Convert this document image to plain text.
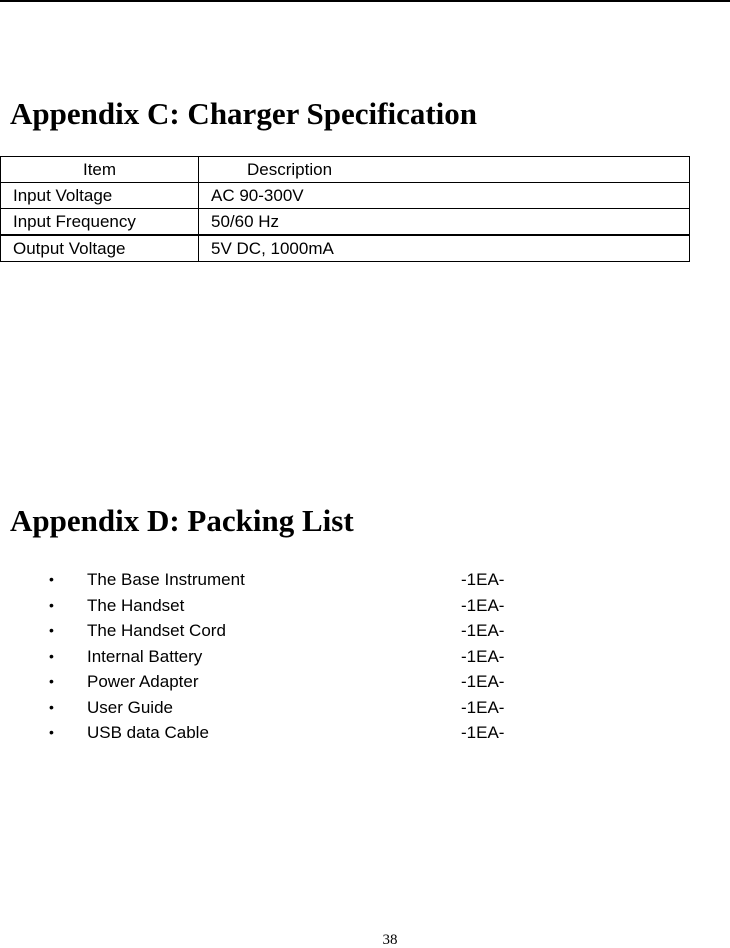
Appendix C: Charger Specification
Item	Description
Input Voltage	AC 90-300V
Input Frequency	50/60 Hz
Output Voltage	5V DC, 1000mA
Appendix D: Packing List
• The Base Instrument	-1EA-
• The Handset	-1EA-
• The Handset Cord	-1EA-
• Internal Battery	-1EA-
• Power Adapter	-1EA-
• User Guide	-1EA-
• USB data Cable	-1EA-
38
